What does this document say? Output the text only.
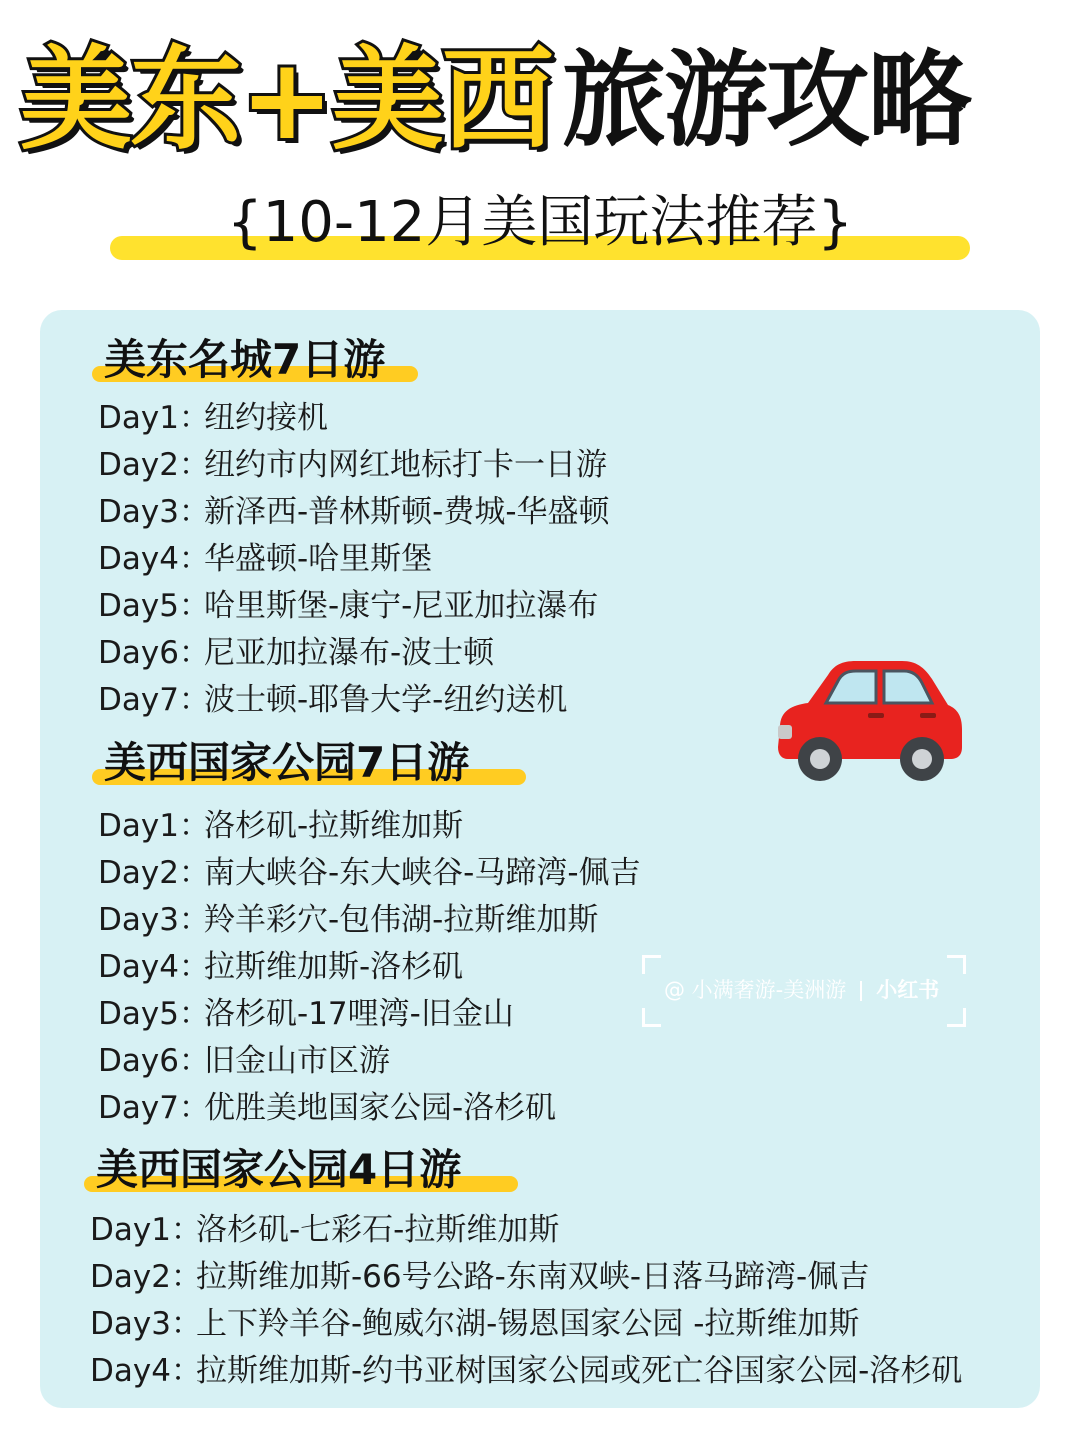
美东+美西 旅游攻略
{10-12月美国玩法推荐}
美东名城7日游
Day1：纽约接机
Day2：纽约市内网红地标打卡一日游
Day3：新泽西-普林斯顿-费城-华盛顿
Day4：华盛顿-哈里斯堡
Day5：哈里斯堡-康宁-尼亚加拉瀑布
Day6：尼亚加拉瀑布-波士顿
Day7：波士顿-耶鲁大学-纽约送机
美西国家公园7日游
Day1：洛杉矶-拉斯维加斯
Day2：南大峡谷-东大峡谷-马蹄湾-佩吉
Day3：羚羊彩穴-包伟湖-拉斯维加斯
Day4：拉斯维加斯-洛杉矶
Day5：洛杉矶-17哩湾-旧金山
Day6：旧金山市区游
Day7：优胜美地国家公园-洛杉矶
美西国家公园4日游
Day1：洛杉矶-七彩石-拉斯维加斯
Day2：拉斯维加斯-66号公路-东南双峡-日落马蹄湾-佩吉
Day3：上下羚羊谷-鲍威尔湖-锡恩国家公园 -拉斯维加斯
Day4：拉斯维加斯-约书亚树国家公园或死亡谷国家公园-洛杉矶
@ 小满奢游-美洲游 小红书
